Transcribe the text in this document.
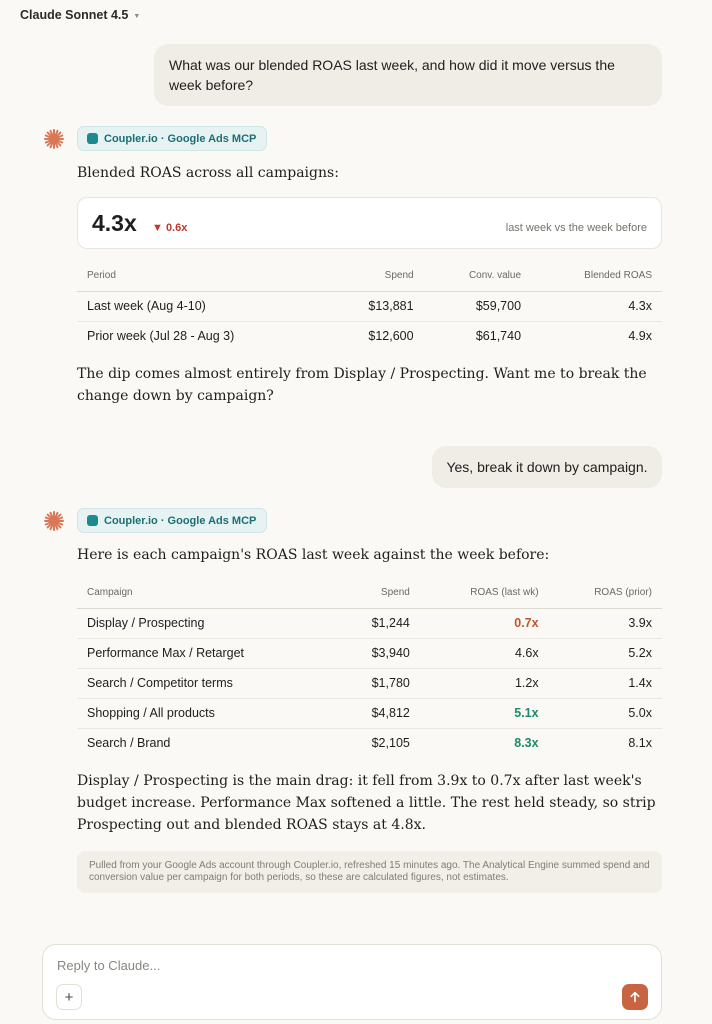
Claude Sonnet 4.5 ▼
What was our blended ROAS last week, and how did it move versus the week before?
Coupler.io · Google Ads MCP
Blended ROAS across all campaigns:
4.3x ▼ 0.6x	last week vs the week before
Period	Spend	Conv. value	Blended ROAS
Last week (Aug 4-10)	$13,881	$59,700	4.3x
Prior week (Jul 28 - Aug 3)	$12,600	$61,740	4.9x
The dip comes almost entirely from Display / Prospecting. Want me to break the change down by campaign?
Yes, break it down by campaign.
Coupler.io · Google Ads MCP
Here is each campaign's ROAS last week against the week before:
Campaign	Spend	ROAS (last wk)	ROAS (prior)
Display / Prospecting	$1,244	0.7x	3.9x
Performance Max / Retarget	$3,940	4.6x	5.2x
Search / Competitor terms	$1,780	1.2x	1.4x
Shopping / All products	$4,812	5.1x	5.0x
Search / Brand	$2,105	8.3x	8.1x
Display / Prospecting is the main drag: it fell from 3.9x to 0.7x after last week's budget increase. Performance Max softened a little. The rest held steady, so strip Prospecting out and blended ROAS stays at 4.8x.
Pulled from your Google Ads account through Coupler.io, refreshed 15 minutes ago. The Analytical Engine summed spend and conversion value per campaign for both periods, so these are calculated figures, not estimates.
Reply to Claude...
+
